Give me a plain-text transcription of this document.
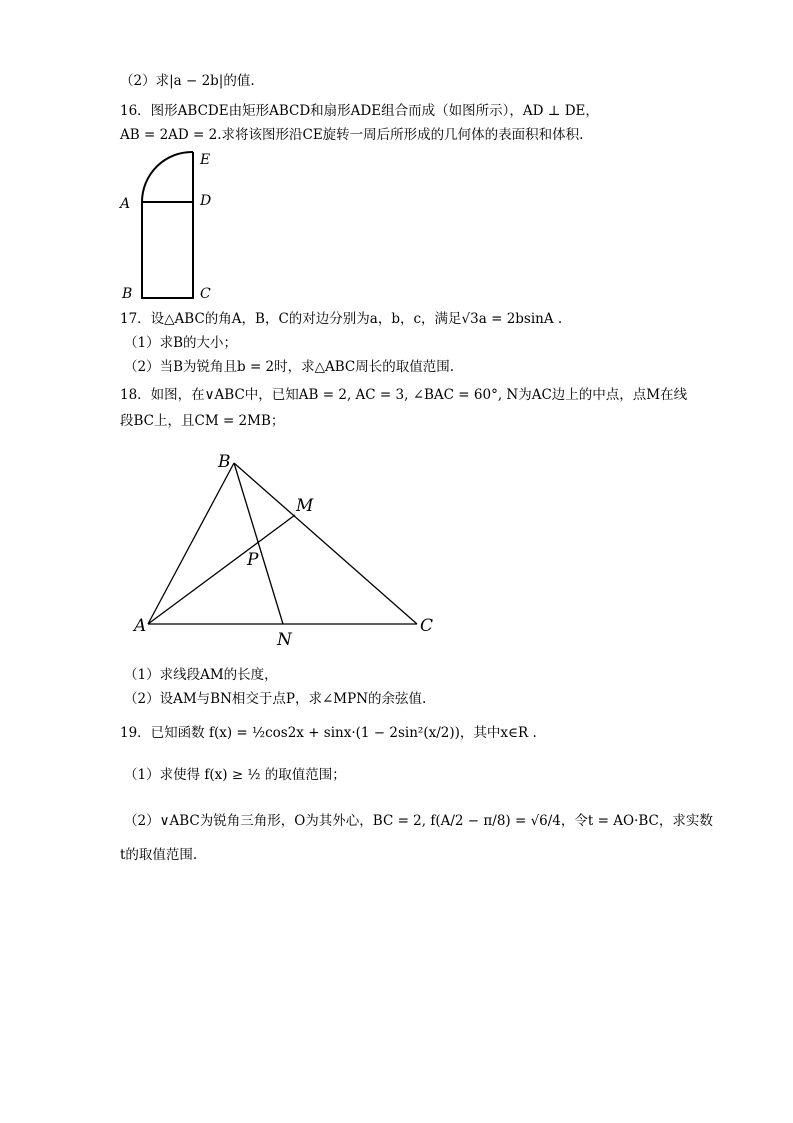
（2）求|a − 2b|的值.
16．图形ABCDE由矩形ABCD和扇形ADE组合而成（如图所示），AD ⊥ DE，
AB = 2AD = 2.求将该图形沿CE旋转一周后所形成的几何体的表面积和体积.
E
D
A
B	C
17．设△ABC的角A，B，C的对边分别为a，b，c，满足√3a = 2bsinA .
（1）求B的大小；
（2）当B为锐角且b = 2时，求△ABC周长的取值范围.
18．如图，在∨ABC中，已知AB = 2, AC = 3, ∠BAC = 60°, N为AC边上的中点，点M在线
段BC上，且CM = 2MB；
B
M
P
A
N
C
（1）求线段AM的长度，
（2）设AM与BN相交于点P，求∠MPN的余弦值.
19．已知函数 f(x) = ½cos2x + sinx·(1 − 2sin²(x/2))，其中x∈R .
（1）求使得 f(x) ≥ ½ 的取值范围；
（2）∨ABC为锐角三角形，O为其外心，BC = 2, f(A/2 − π/8) = √6/4，令t = AO·BC，求实数
t的取值范围.
